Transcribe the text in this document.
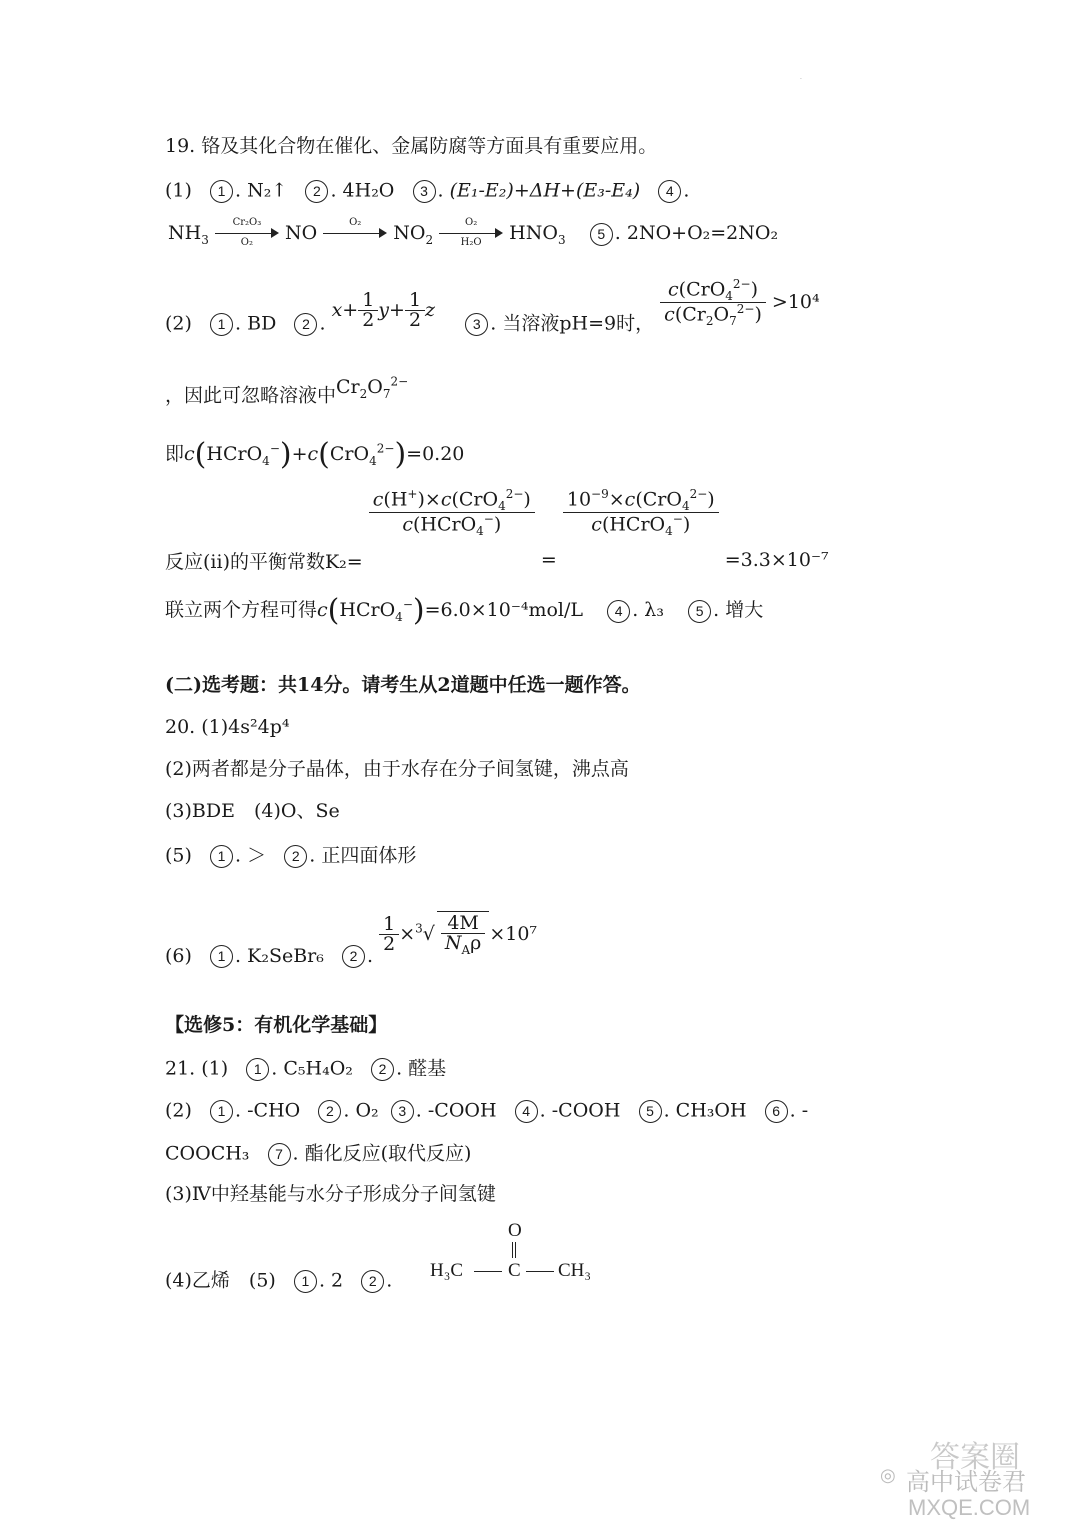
·
19. 铬及其化合物在催化、金属防腐等方面具有重要应用。
(1) 1 . N₂↑ 2 . 4H₂O 3 . (E₁-E₂)+ΔH+(E₃-E₄) 4 .
$NH_3 \frac{\text{Cr₂O₃}}{\text{O₂}}$ NO	O₂	$NO_2 \frac{\text{O₂}}{\text{H₂O}} HNO_3$ 5 . 2NO+O₂=2NO₂
(2) 1 . BD 2 . $x+ \frac{1}{2} y+ \frac{1}{2}$ z     3 . 当溶液pH=9时， $\frac{c(CrO_4^{2-})}{c(Cr_2O_7^{2-})} >10^4$
，因此可忽略溶液中$Cr_2O_7^{2-}$
即c(HCrO$_4$−)+c(CrO$_4^{2-}$)=0.20
反应(ii)的平衡常数K₂=
$\frac{c(H^+)\times c(CrO_4^{2-})}{c(HCrO_4^-)}$
=
$\frac{10^{-9}\times c(CrO_4^{2-})}{c(HCrO_4^-)}$
=3.3×10⁻⁷
联立两个方程可得c(HCrO$_4$−)=6.0×10⁻⁴mol/L 4 . λ₃ 5 . 增大
(二)选考题：共14分。请考生从2道题中任选一题作答。
20. (1)4s²4p⁴
(2)两者都是分子晶体，由于水存在分子间氢键，沸点高
(3)BDE　(4)O、Se
(5) 1 . ＞ 2 . 正四面体形
(6) 1 . K₂SeBr₆ 2 .
$\frac{1}{2} \times^3√ \frac{4M}{N_A\rho} \times 10^7$
【选修5：有机化学基础】
21. (1) 1 . C₅H₄O₂ 2 . 醛基
(2) 1 . -CHO 2 . O₂ 3 . -COOH 4 . -COOH 5 . CH₃OH 6 . -
COOCH₃ 7 . 酯化反应(取代反应)
(3)Ⅳ中羟基能与水分子形成分子间氢键
(4)乙烯　(5) 1 . 2 2 .
O
H₃C C CH₃
答案圈
◎ 高中试卷君
MXQE.COM
